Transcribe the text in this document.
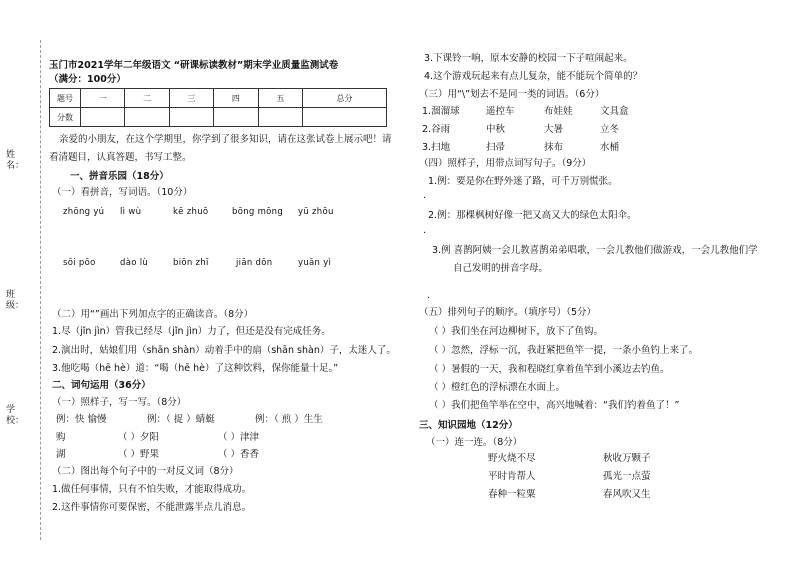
姓名：
班级：
学校：
玉门市2021学年二年级语文 “研课标读教材”期末学业质量监测试卷
（满分：100分）
题号	一	二	三	四	五	总分
分数						
亲爱的小朋友，在这个学期里，你学到了很多知识，请在这张试卷上展示吧！请
看清题目，认真答题，书写工整。
一、拼音乐园（18分）
（一）看拼音，写词语。（10分）
zhōng yú lì wù	kē zhuō	bōng mōng yū zhōu
sōi pōo	dào lù	biōn zhī	jiān dōn	yuān yì
（二）用“”画出下列加点字的正确读音。（8分）
1.尽（jǐn jìn）管我已经尽（jǐn jìn）力了，但还是没有完成任务。
2.演出时，姑娘们用（shān shàn）动着手中的扇（shān shàn）子，太迷人了。
3.他吃喝（hē hè）道：“喝（hē hè）了这种饮料，保你能量十足。”
二、词句运用（36分）
（一）照样子，写一写。（8分）
例：快 愉慢	例：（ 捉 ）蜻蜓	例：（ 煎 ）生生
购	（ ）夕阳	（ ）津津
湖	（ ）野果	（ ）香香
（二）图出每个句子中的一对反义词（8分）
1.做任何事情，只有不怕失败，才能取得成功。
2.这件事情你可要保密，不能泄露半点儿消息。
3.下课铃一响，原本安静的校园一下子喧闹起来。
4.这个游戏玩起来有点儿复杂，能不能玩个简单的？
（三）用“\”划去不是同一类的词语。（6分）
1.溜溜球	遥控车	布娃娃	文具盒
2.谷雨	中秋	大暑	立冬
3.扫地	扫帚	抹布	水桶
（四）照样子，用带点词写句子。（9分）
1.例：要是你在野外迷了路，可千万别慌张。
.
2.例：那棵枫树好像一把又高又大的绿色太阳伞。
.
3.例 喜鹊阿姨一会儿教喜鹊弟弟唱歌，一会儿教他们做游戏，一会儿教他们学
自己发明的拼音字母。
.
（五）排列句子的顺序。（填序号）（5分）
（ ）我们坐在河边柳树下，放下了鱼钩。
（ ）忽然，浮标一沉，我赶紧把鱼竿一提，一条小鱼钓上来了。
（ ）暑假的一天，我和程晓红拿着鱼竿到小溪边去钓鱼。
（ ）橙红色的浮标漂在水面上。
（ ）我们把鱼竿举在空中，高兴地喊着：“我们钓着鱼了！”
三、知识园地（12分）
（一）连一连。（8分）
野火烧不尽
平时肯帮人
春种一粒粟
秋收万颗子
孤光一点萤
春风吹又生
